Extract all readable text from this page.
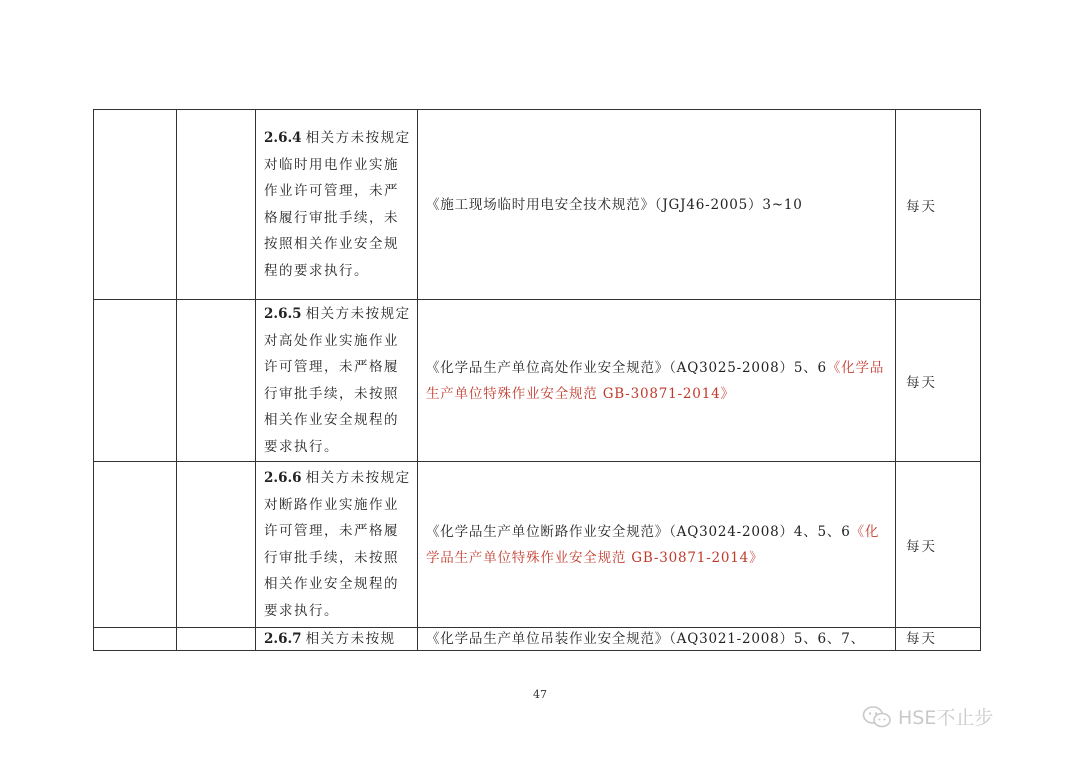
		2.6.4 相关方未按规定对临时用电作业实施作业许可管理，未严格履行审批手续，未按照相关作业安全规程的要求执行。	《施工现场临时用电安全技术规范》（JGJ46-2005）3~10	每天

		2.6.5 相关方未按规定对高处作业实施作业许可管理，未严格履行审批手续，未按照相关作业安全规程的要求执行。	《化学品生产单位高处作业安全规范》（AQ3025-2008）5、6《化学品生产单位特殊作业安全规范 GB-30871-2014》	每天

		2.6.6 相关方未按规定对断路作业实施作业许可管理，未严格履行审批手续，未按照相关作业安全规程的要求执行。	《化学品生产单位断路作业安全规范》（AQ3024-2008）4、5、6《化学品生产单位特殊作业安全规范 GB-30871-2014》	每天

		2.6.7 相关方未按规	《化学品生产单位吊装作业安全规范》（AQ3021-2008）5、6、7、	每天
47
HSE不止步
